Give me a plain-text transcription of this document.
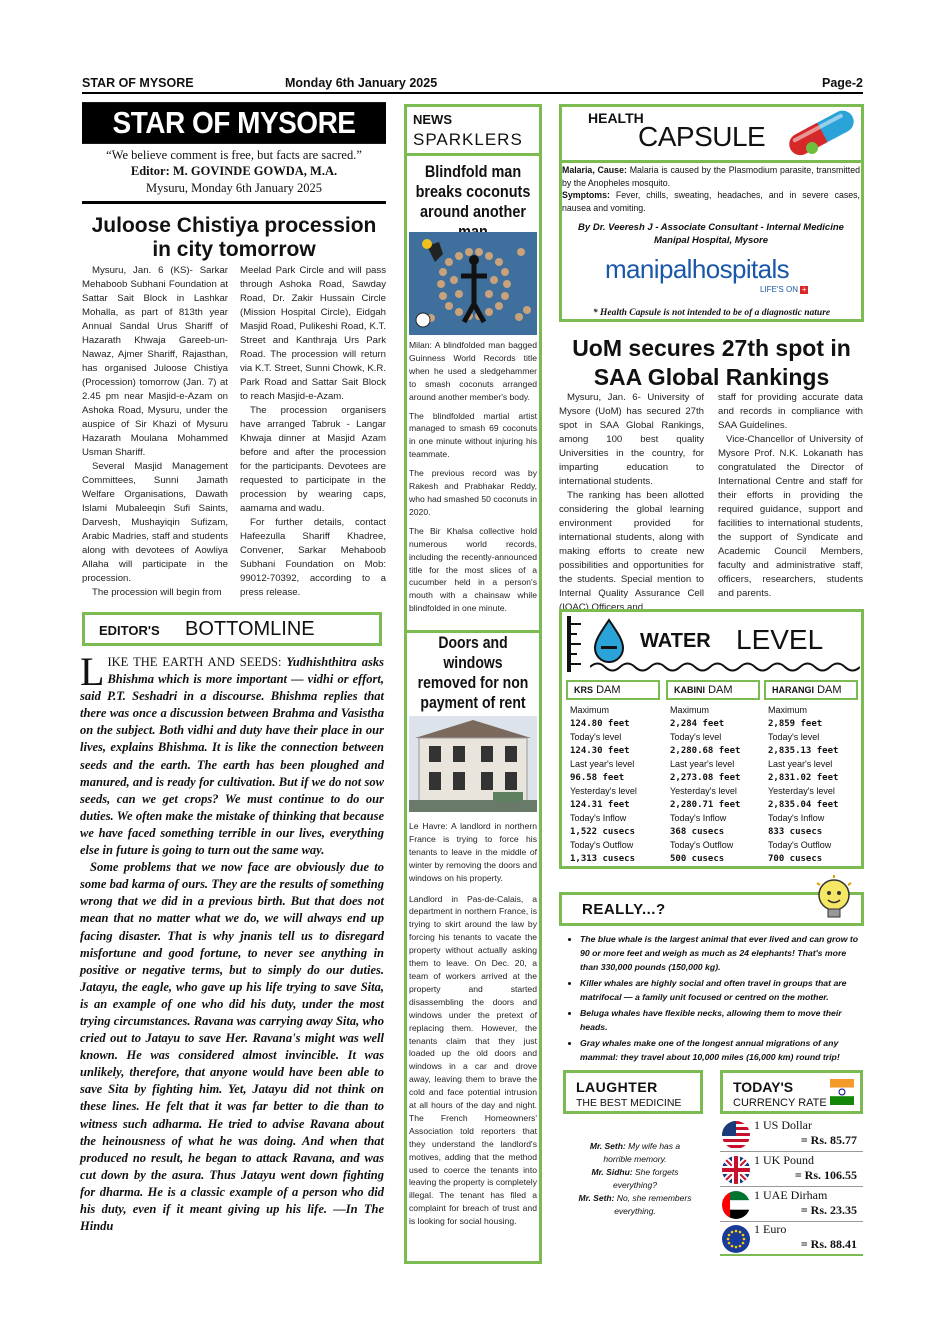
STAR OF MYSORE	Monday 6th January 2025	Page-2
STAR OF MYSORE
“We believe comment is free, but facts are sacred.”
Editor: M. GOVINDE GOWDA, M.A.
Mysuru, Monday 6th January 2025
Juloose Chistiya procession
in city tomorrow

Mysuru, Jan. 6 (KS)- Sarkar Mehaboob Subhani Foundation at Sattar Sait Block in Lashkar Mohalla, as part of 813th year Annual Sandal Urus Shariff of Hazarath Khwaja Gareeb-un-Nawaz, Ajmer Shariff, Rajasthan, has organised Juloose Chistiya (Procession) tomorrow (Jan. 7) at 2.45 pm near Masjid-e-Azam on Ashoka Road, Mysuru, under the auspice of Sir Khazi of Mysuru Hazarath Moulana Mohammed Usman Shariff.

Several Masjid Management Committees, Sunni Jamath Welfare Organisations, Dawath Islami Mubaleeqin Sufi Saints, Darvesh, Mushayiqin Sufizam, Arabic Madries, staff and students along with devotees of Aowliya Allaha will participate in the procession.

The procession will begin from

Meelad Park Circle and will pass through Ashoka Road, Sawday Road, Dr. Zakir Hussain Circle (Mission Hospital Circle), Eidgah Masjid Road, Pulikeshi Road, K.T. Street and Kanthraja Urs Park Road. The procession will return via K.T. Street, Sunni Chowk, K.R. Park Road and Sattar Sait Block to reach Masjid-e-Azam.

The procession organisers have arranged Tabruk - Langar Khwaja dinner at Masjid Azam before and after the procession for the participants. Devotees are requested to participate in the procession by wearing caps, aamama and wadu.

For further details, contact Hafeezulla Shariff Khadree, Convener, Sarkar Mehaboob Subhani Foundation on Mob: 99012-70392, according to a press release.

EDITOR'S BOTTOMLINE

LIKE THE EARTH AND SEEDS: Yudhishthitra asks Bhishma which is more important — vidhi or effort, said P.T. Seshadri in a discourse. Bhishma replies that there was once a discussion between Brahma and Vasistha on the subject. Both vidhi and duty have their place in our lives, explains Bhishma. It is like the connection between seeds and the earth. The earth has been ploughed and manured, and is ready for cultivation. But if we do not sow seeds, can we get crops? We must continue to do our duties. We often make the mistake of thinking that because we have faced something terrible in our lives, everything else in future is going to turn out the same way.

Some problems that we now face are obviously due to some bad karma of ours. They are the results of something wrong that we did in a previous birth. But that does not mean that no matter what we do, we will always end up facing disaster. That is why jnanis tell us to disregard misfortune and good fortune, to never see anything in positive or negative terms, but to simply do our duties. Jatayu, the eagle, who gave up his life trying to save Sita, is an example of one who did his duty, under the most trying circumstances. Ravana was carrying away Sita, who cried out to Jatayu to save Her. Ravana's might was well known. He was considered almost invincible. It was unlikely, therefore, that anyone would have been able to save Sita by fighting him. Yet, Jatayu did not think on these lines. He felt that it was far better to die than to witness such adharma. He tried to advise Ravana about the heinousness of what he was doing. And when that produced no result, he began to attack Ravana, and was cut down by the asura. Thus Jatayu went down fighting for dharma. He is a classic example of a person who did his duty, even if it meant giving up his life. —In The Hindu

NEWS
SPARKLERS
Blindfold man
breaks coconuts
around another

Milan: A blindfolded man bagged Guinness World Records title when he used a sledgehammer to smash coconuts arranged around another member's body.

The blindfolded martial artist managed to smash 69 coconuts in one minute without injuring his teammate.

The previous record was by Rakesh and Prabhakar Reddy, who had smashed 50 coconuts in 2020.

The Bir Khalsa collective hold numerous world records, including the recently-announced title for the most slices of a cucumber held in a person's mouth with a chainsaw while blindfolded in one minute.

Doors and windows
removed for non
payment of rent

Le Havre: A landlord in northern France is trying to force his tenants to leave in the middle of winter by removing the doors and windows on his property.

Landlord in Pas-de-Calais, a department in northern France, is trying to skirt around the law by forcing his tenants to vacate the property without actually asking them to leave. On Dec. 20, a team of workers arrived at the property and started disassembling the doors and windows under the pretext of replacing them. However, the tenants claim that they just loaded up the old doors and windows in a car and drove away, leaving them to brave the cold and face potential intrusion at all hours of the day and night. The French Homeowners' Association told reporters that they understand the landlord's motives, adding that the method used to coerce the tenants into leaving the property is completely illegal. The tenant has filed a complaint for breach of trust and is looking for social housing.

HEALTH
CAPSULE
Malaria, Cause: Malaria is caused by the Plasmodium parasite, transmitted by the Anopheles mosquito.
Symptoms: Fever, chills, sweating, headaches, and in severe cases, nausea and vomiting.
By Dr. Veeresh J - Associate Consultant - Internal Medicine
Manipal Hospital, Mysore
manipalhospitals
LIFE'S ON +
* Health Capsule is not intended to be of a diagnostic nature
UoM secures 27th spot in
SAA Global Rankings

Mysuru, Jan. 6- University of Mysore (UoM) has secured 27th spot in SAA Global Rankings, among 100 best quality Universities in the country, for imparting education to international students.

The ranking has been allotted considering the global learning environment provided for international students, along with making efforts to create new possibilities and opportunities for the students. Special mention to Internal Quality Assurance Cell (IQAC) Officers and

staff for providing accurate data and records in compliance with SAA Guidelines.

Vice-Chancellor of University of Mysore Prof. N.K. Lokanath has congratulated the Director of International Centre and staff for their efforts in providing the required guidance, support and facilities to international students, the support of Syndicate and Academic Council Members, faculty and administrative staff, officers, researchers, students and parents.

WATER LEVEL
KRS DAM	KABINI DAM	HARANGI DAM
Maximum
124.80 feet
Today's level
124.30 feet
Last year's level
96.58 feet
Yesterday's level
124.31 feet
Today's Inflow
1,522 cusecs
Today's Outflow
1,313 cusecs
Maximum
2,284 feet
Today's level
2,280.68 feet
Last year's level
2,273.08 feet
Yesterday's level
2,280.71 feet
Today's Inflow
368 cusecs
Today's Outflow
500 cusecs
Maximum
2,859 feet
Today's level
2,835.13 feet
Last year's level
2,831.02 feet
Yesterday's level
2,835.04 feet
Today's Inflow
833 cusecs
Today's Outflow
700 cusecs
REALLY...?
• The blue whale is the largest animal that ever lived and can grow to 90 or more feet and weigh as much as 24 elephants! That's more than 330,000 pounds (150,000 kg).
• Killer whales are highly social and often travel in groups that are matrifocal — a family unit focused or centred on the mother.
• Beluga whales have flexible necks, allowing them to move their heads.
• Gray whales make one of the longest annual migrations of any mammal: they travel about 10,000 miles (16,000 km) round trip!
LAUGHTER
THE BEST MEDICINE
Mr. Seth: My wife has a horrible memory.
Mr. Sidhu: She forgets everything?
Mr. Seth: No, she remembers everything.
TODAY'S
CURRENCY RATE
1 US Dollar
= Rs. 85.77
1 UK Pound
= Rs. 106.55
1 UAE Dirham
= Rs. 23.35
1 Euro
= Rs. 88.41
